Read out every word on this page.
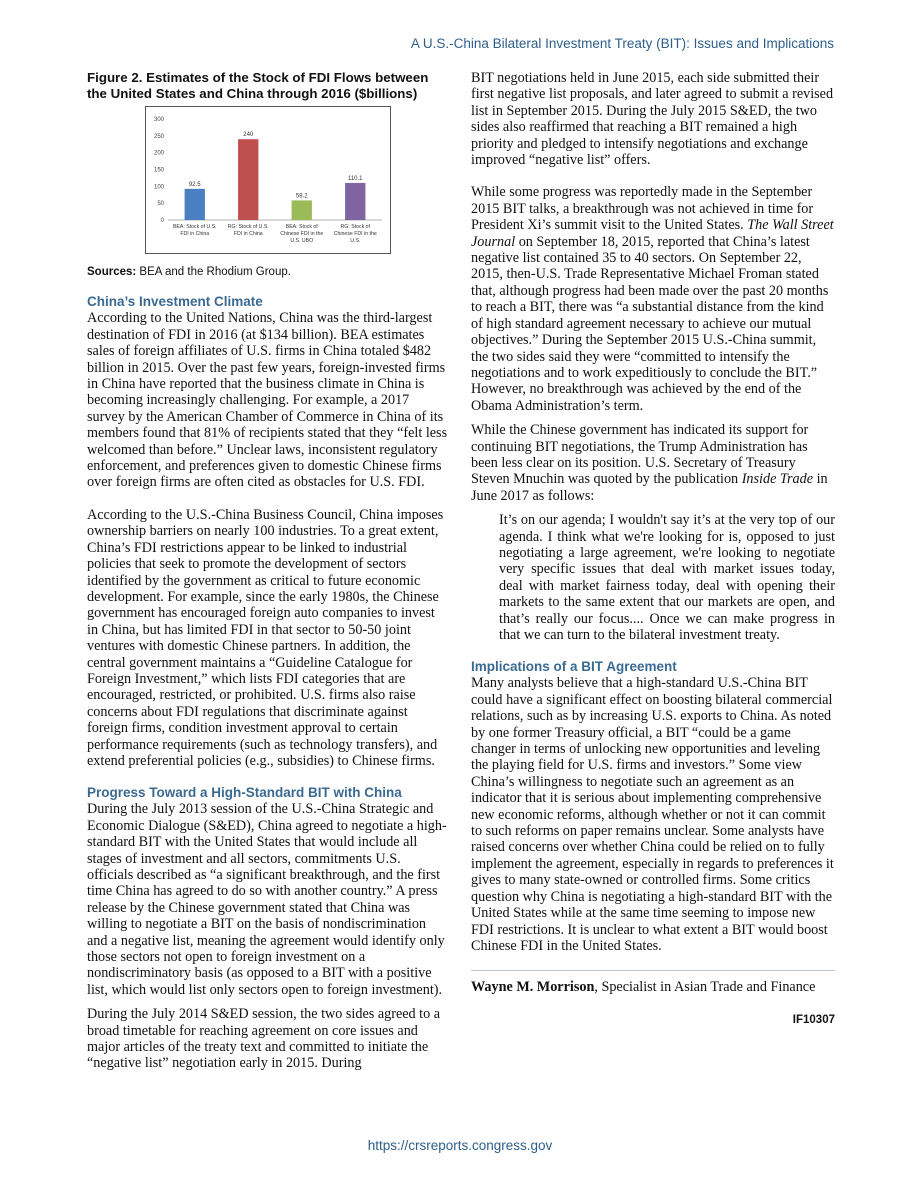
A U.S.-China Bilateral Investment Treaty (BIT): Issues and Implications
Figure 2. Estimates of the Stock of FDI Flows between the United States and China through 2016 ($billions)
0
50
100
150
200
250
300
92.5
BEA: Stock of U.S. FDI in China
240
RG: Stock of U.S. FDI in China
58.2
BEA: Stock of Chinese FDI in the U.S. UBO
110.1
RG: Stock of Chinese FDI in the U.S.
Sources: BEA and the Rhodium Group.
China’s Investment Climate

According to the United Nations, China was the third-largest destination of FDI in 2016 (at $134 billion). BEA estimates sales of foreign affiliates of U.S. firms in China totaled $482 billion in 2015. Over the past few years, foreign-invested firms in China have reported that the business climate in China is becoming increasingly challenging. For example, a 2017 survey by the American Chamber of Commerce in China of its members found that 81% of recipients stated that they “felt less welcomed than before.” Unclear laws, inconsistent regulatory enforcement, and preferences given to domestic Chinese firms over foreign firms are often cited as obstacles for U.S. FDI.

According to the U.S.-China Business Council, China imposes ownership barriers on nearly 100 industries. To a great extent, China’s FDI restrictions appear to be linked to industrial policies that seek to promote the development of sectors identified by the government as critical to future economic development. For example, since the early 1980s, the Chinese government has encouraged foreign auto companies to invest in China, but has limited FDI in that sector to 50-50 joint ventures with domestic Chinese partners. In addition, the central government maintains a “Guideline Catalogue for Foreign Investment,” which lists FDI categories that are encouraged, restricted, or prohibited. U.S. firms also raise concerns about FDI regulations that discriminate against foreign firms, condition investment approval to certain performance requirements (such as technology transfers), and extend preferential policies (e.g., subsidies) to Chinese firms.

Progress Toward a High-Standard BIT with China

During the July 2013 session of the U.S.-China Strategic and Economic Dialogue (S&ED), China agreed to negotiate a high-standard BIT with the United States that would include all stages of investment and all sectors, commitments U.S. officials described as “a significant breakthrough, and the first time China has agreed to do so with another country.” A press release by the Chinese government stated that China was willing to negotiate a BIT on the basis of nondiscrimination and a negative list, meaning the agreement would identify only those sectors not open to foreign investment on a nondiscriminatory basis (as opposed to a BIT with a positive list, which would list only sectors open to foreign investment).

During the July 2014 S&ED session, the two sides agreed to a broad timetable for reaching agreement on core issues and major articles of the treaty text and committed to initiate the “negative list” negotiation early in 2015. During

BIT negotiations held in June 2015, each side submitted their first negative list proposals, and later agreed to submit a revised list in September 2015. During the July 2015 S&ED, the two sides also reaffirmed that reaching a BIT remained a high priority and pledged to intensify negotiations and exchange improved “negative list” offers.

While some progress was reportedly made in the September 2015 BIT talks, a breakthrough was not achieved in time for President Xi’s summit visit to the United States. The Wall Street Journal on September 18, 2015, reported that China’s latest negative list contained 35 to 40 sectors. On September 22, 2015, then-U.S. Trade Representative Michael Froman stated that, although progress had been made over the past 20 months to reach a BIT, there was “a substantial distance from the kind of high standard agreement necessary to achieve our mutual objectives.” During the September 2015 U.S.-China summit, the two sides said they were “committed to intensify the negotiations and to work expeditiously to conclude the BIT.” However, no breakthrough was achieved by the end of the Obama Administration’s term.

While the Chinese government has indicated its support for continuing BIT negotiations, the Trump Administration has been less clear on its position. U.S. Secretary of Treasury Steven Mnuchin was quoted by the publication Inside Trade in June 2017 as follows:

It’s on our agenda; I wouldn't say it’s at the very top of our agenda. I think what we're looking for is, opposed to just negotiating a large agreement, we're looking to negotiate very specific issues that deal with market issues today, deal with market fairness today, deal with opening their markets to the same extent that our markets are open, and that’s really our focus.... Once we can make progress in that we can turn to the bilateral investment treaty.
Implications of a BIT Agreement

Many analysts believe that a high-standard U.S.-China BIT could have a significant effect on boosting bilateral commercial relations, such as by increasing U.S. exports to China. As noted by one former Treasury official, a BIT “could be a game changer in terms of unlocking new opportunities and leveling the playing field for U.S. firms and investors.” Some view China’s willingness to negotiate such an agreement as an indicator that it is serious about implementing comprehensive new economic reforms, although whether or not it can commit to such reforms on paper remains unclear. Some analysts have raised concerns over whether China could be relied on to fully implement the agreement, especially in regards to preferences it gives to many state-owned or controlled firms. Some critics question why China is negotiating a high-standard BIT with the United States while at the same time seeming to impose new FDI restrictions. It is unclear to what extent a BIT would boost Chinese FDI in the United States.

Wayne M. Morrison, Specialist in Asian Trade and Finance

IF10307
https://crsreports.congress.gov
